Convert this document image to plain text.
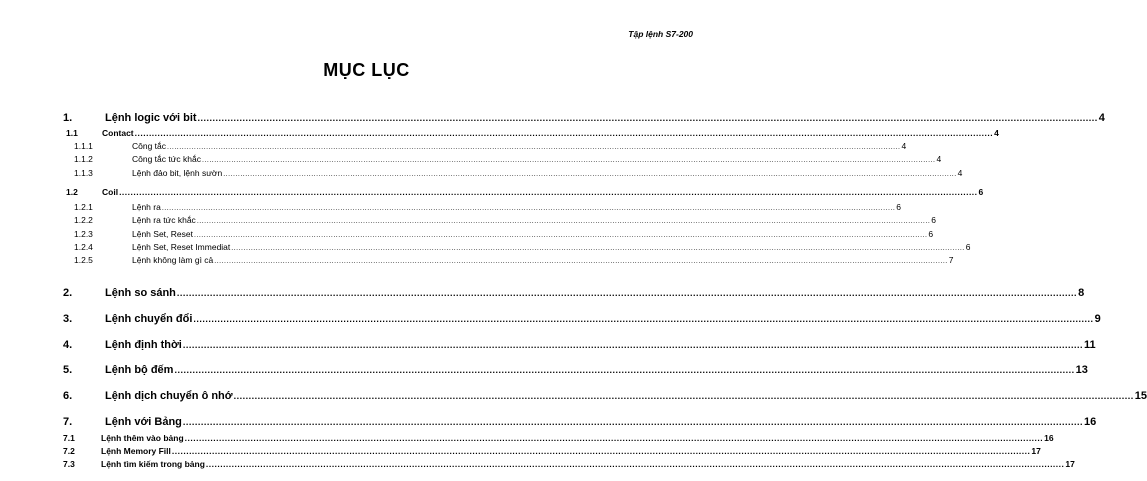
Tập lệnh S7-200
MỤC LỤC
1.	Lệnh logic với bit ............................................................................................................................................................................................................................................................................................................ 4
1.1	Contact ............................................................................................................................................................................................................................................................................................................ 4
1.1.1	Công tắc ............................................................................................................................................................................................................................................................................................................ 4
1.1.2	Công tắc tức khắc ............................................................................................................................................................................................................................................................................................................ 4
1.1.3	Lệnh đảo bit, lệnh sườn ............................................................................................................................................................................................................................................................................................................ 4
1.2	Coil ............................................................................................................................................................................................................................................................................................................ 6
1.2.1	Lệnh ra ............................................................................................................................................................................................................................................................................................................ 6
1.2.2	Lệnh ra tức khắc ............................................................................................................................................................................................................................................................................................................ 6
1.2.3	Lệnh Set, Reset ............................................................................................................................................................................................................................................................................................................ 6
1.2.4	Lệnh Set, Reset Immediat ............................................................................................................................................................................................................................................................................................................ 6
1.2.5	Lệnh không làm gì cả ............................................................................................................................................................................................................................................................................................................ 7
2.	Lệnh so sánh ............................................................................................................................................................................................................................................................................................................ 8
3.	Lệnh chuyển đổi ............................................................................................................................................................................................................................................................................................................ 9
4.	Lệnh định thời ............................................................................................................................................................................................................................................................................................................ 11
5.	Lệnh bộ đếm ............................................................................................................................................................................................................................................................................................................ 13
6.	Lệnh dịch chuyển ô nhớ ............................................................................................................................................................................................................................................................................................................ 15
7.	Lệnh với Bảng ............................................................................................................................................................................................................................................................................................................ 16
7.1	Lệnh thêm vào bảng ............................................................................................................................................................................................................................................................................................................ 16
7.2	Lệnh Memory Fill ............................................................................................................................................................................................................................................................................................................ 17
7.3	Lệnh tìm kiếm trong bảng ............................................................................................................................................................................................................................................................................................................ 17
